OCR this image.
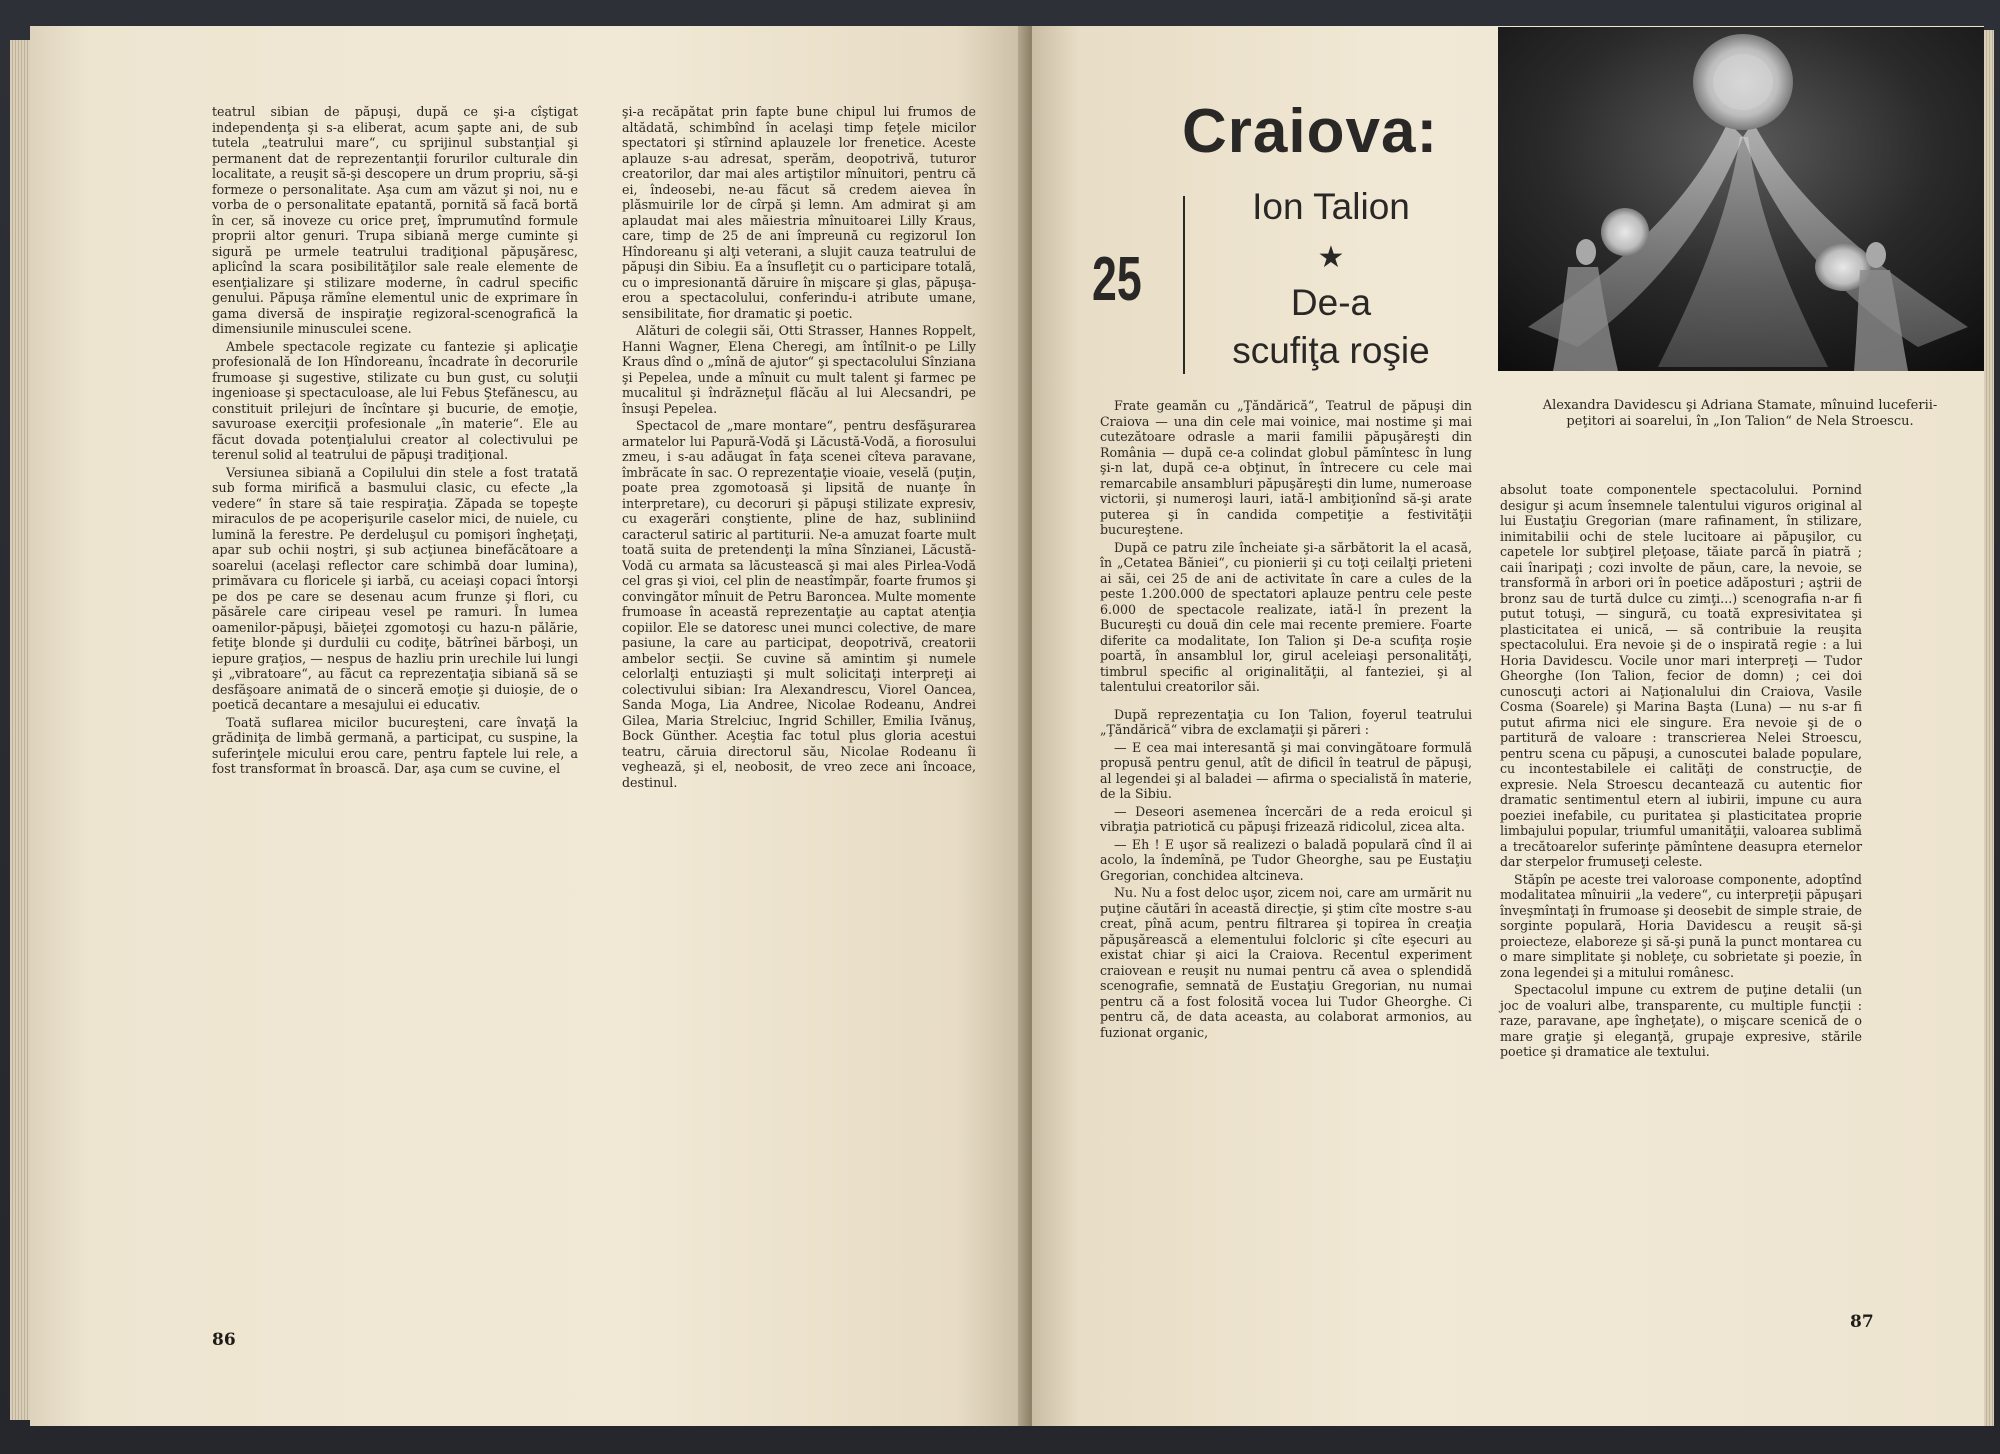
teatrul sibian de păpuşi, după ce şi-a cîştigat independenţa şi s-a eliberat, acum şapte ani, de sub tutela „teatrului mare“, cu sprijinul substanţial şi permanent dat de reprezentanţii forurilor culturale din localitate, a reuşit să-şi descopere un drum propriu, să-şi formeze o personalitate. Aşa cum am văzut şi noi, nu e vorba de o personalitate epatantă, pornită să facă bortă în cer, să inoveze cu orice preţ, împrumutînd formule proprii altor genuri. Trupa sibiană merge cuminte şi sigură pe urmele teatrului tradiţional păpuşăresc, aplicînd la scara posibilităţilor sale reale elemente de esenţializare şi stilizare moderne, în cadrul specific genului. Păpuşa rămîne elementul unic de exprimare în gama diversă de inspiraţie regizoral-scenografică la dimensiunile minusculei scene.

Ambele spectacole regizate cu fantezie şi aplicaţie profesională de Ion Hîndoreanu, încadrate în decorurile frumoase şi sugestive, stilizate cu bun gust, cu soluţii ingenioase şi spectaculoase, ale lui Febus Ştefănescu, au constituit prilejuri de încîntare şi bucurie, de emoţie, savuroase exerciţii profesionale „în materie“. Ele au făcut dovada potenţialului creator al colectivului pe terenul solid al teatrului de păpuşi tradiţional.

Versiunea sibiană a Copilului din stele a fost tratată sub forma mirifică a basmului clasic, cu efecte „la vedere“ în stare să taie respiraţia. Zăpada se topeşte miraculos de pe acoperişurile caselor mici, de nuiele, cu lumină la ferestre. Pe derdeluşul cu pomişori îngheţaţi, apar sub ochii noştri, şi sub acţiunea binefăcătoare a soarelui (acelaşi reflector care schimbă doar lumina), primăvara cu floricele şi iarbă, cu aceiaşi copaci întorşi pe dos pe care se desenau acum frunze şi flori, cu păsărele care ciripeau vesel pe ramuri. În lumea oamenilor-păpuşi, băieţei zgomotoşi cu hazu-n pălărie, fetiţe blonde şi durdulii cu codiţe, bătrînei bărboşi, un iepure graţios, — nespus de hazliu prin urechile lui lungi şi „vibratoare“, au făcut ca reprezentaţia sibiană să se desfăşoare animată de o sinceră emoţie şi duioşie, de o poetică decantare a mesajului ei educativ.

Toată suflarea micilor bucureşteni, care învaţă la grădiniţa de limbă germană, a participat, cu suspine, la suferinţele micului erou care, pentru faptele lui rele, a fost transformat în broască. Dar, aşa cum se cuvine, el

şi-a recăpătat prin fapte bune chipul lui frumos de altădată, schimbînd în acelaşi timp feţele micilor spectatori şi stîrnind aplauzele lor frenetice. Aceste aplauze s-au adresat, sperăm, deopotrivă, tuturor creatorilor, dar mai ales artiştilor mînuitori, pentru că ei, îndeosebi, ne-au făcut să credem aievea în plăsmuirile lor de cîrpă şi lemn. Am admirat şi am aplaudat mai ales măiestria mînuitoarei Lilly Kraus, care, timp de 25 de ani împreună cu regizorul Ion Hîndoreanu şi alţi veterani, a slujit cauza teatrului de păpuşi din Sibiu. Ea a însufleţit cu o participare totală, cu o impresionantă dăruire în mişcare şi glas, păpuşa-erou a spectacolului, conferindu-i atribute umane, sensibilitate, fior dramatic şi poetic.

Alături de colegii săi, Otti Strasser, Hannes Roppelt, Hanni Wagner, Elena Cheregi, am întîlnit-o pe Lilly Kraus dînd o „mînă de ajutor“ şi spectacolului Sînziana şi Pepelea, unde a mînuit cu mult talent şi farmec pe mucalitul şi îndrăzneţul flăcău al lui Alecsandri, pe însuşi Pepelea.

Spectacol de „mare montare“, pentru desfăşurarea armatelor lui Papură-Vodă şi Lăcustă-Vodă, a fiorosului zmeu, i s-au adăugat în faţa scenei cîteva paravane, îmbrăcate în sac. O reprezentaţie vioaie, veselă (puţin, poate prea zgomotoasă şi lipsită de nuanţe în interpretare), cu decoruri şi păpuşi stilizate expresiv, cu exagerări conştiente, pline de haz, subliniind caracterul satiric al partiturii. Ne-a amuzat foarte mult toată suita de pretendenţi la mîna Sînzianei, Lăcustă-Vodă cu armata sa lăcustească şi mai ales Pirlea-Vodă cel gras şi vioi, cel plin de neastîmpăr, foarte frumos şi convingător mînuit de Petru Baroncea. Multe momente frumoase în această reprezentaţie au captat atenţia copiilor. Ele se datoresc unei munci colective, de mare pasiune, la care au participat, deopotrivă, creatorii ambelor secţii. Se cuvine să amintim şi numele celorlalţi entuziaşti şi mult solicitaţi interpreţi ai colectivului sibian: Ira Alexandrescu, Viorel Oancea, Sanda Moga, Lia Andree, Nicolae Rodeanu, Andrei Gilea, Maria Strelciuc, Ingrid Schiller, Emilia Ivănuş, Bock Günther. Aceştia fac totul plus gloria acestui teatru, căruia directorul său, Nicolae Rodeanu îi veghează, şi el, neobosit, de vreo zece ani încoace, destinul.

86
Craiova:
25
Ion Talion
★
De-a
scufiţa roşie
Alexandra Davidescu şi Adriana Stamate, mînuind luceferii-peţitori ai soarelui, în „Ion Talion“ de Nela Stroescu.

Frate geamăn cu „Ţăndărică“, Teatrul de păpuşi din Craiova — una din cele mai voinice, mai nostime şi mai cutezătoare odrasle a marii familii păpuşăreşti din România — după ce-a colindat globul pămîntesc în lung şi-n lat, după ce-a obţinut, în întrecere cu cele mai remarcabile ansambluri păpuşăreşti din lume, numeroase victorii, şi numeroşi lauri, iată-l ambiţionînd să-şi arate puterea şi în candida competiţie a festivităţii bucureştene.

După ce patru zile încheiate şi-a sărbătorit la el acasă, în „Cetatea Băniei“, cu pionierii şi cu toţi ceilalţi prieteni ai săi, cei 25 de ani de activitate în care a cules de la peste 1.200.000 de spectatori aplauze pentru cele peste 6.000 de spectacole realizate, iată-l în prezent la Bucureşti cu două din cele mai recente premiere. Foarte diferite ca modalitate, Ion Talion şi De-a scufiţa roşie poartă, în ansamblul lor, girul aceleiaşi personalităţi, timbrul specific al originalităţii, al fanteziei, şi al talentului creatorilor săi.

După reprezentaţia cu Ion Talion, foyerul teatrului „Ţăndărică“ vibra de exclamaţii şi păreri :

— E cea mai interesantă şi mai convingătoare formulă propusă pentru genul, atît de dificil în teatrul de păpuşi, al legendei şi al baladei — afirma o specialistă în materie, de la Sibiu.

— Deseori asemenea încercări de a reda eroicul şi vibraţia patriotică cu păpuşi frizează ridicolul, zicea alta.

— Eh ! E uşor să realizezi o baladă populară cînd îl ai acolo, la îndemînă, pe Tudor Gheorghe, sau pe Eustaţiu Gregorian, conchidea altcineva.

Nu. Nu a fost deloc uşor, zicem noi, care am urmărit nu puţine căutări în această direcţie, şi ştim cîte mostre s-au creat, pînă acum, pentru filtrarea şi topirea în creaţia păpuşărească a elementului folcloric şi cîte eşecuri au existat chiar şi aici la Craiova. Recentul experiment craiovean e reuşit nu numai pentru că avea o splendidă scenografie, semnată de Eustaţiu Gregorian, nu numai pentru că a fost folosită vocea lui Tudor Gheorghe. Ci pentru că, de data aceasta, au colaborat armonios, au fuzionat organic,

absolut toate componentele spectacolului. Pornind desigur şi acum însemnele talentului viguros original al lui Eustaţiu Gregorian (mare rafinament, în stilizare, inimitabilii ochi de stele lucitoare ai păpuşilor, cu capetele lor subţirel pleţoase, tăiate parcă în piatră ; caii înaripaţi ; cozi involte de păun, care, la nevoie, se transformă în arbori ori în poetice adăposturi ; aştrii de bronz sau de turtă dulce cu zimţi...) scenografia n-ar fi putut totuşi, — singură, cu toată expresivitatea şi plasticitatea ei unică, — să contribuie la reuşita spectacolului. Era nevoie şi de o inspirată regie : a lui Horia Davidescu. Vocile unor mari interpreţi — Tudor Gheorghe (Ion Talion, fecior de domn) ; cei doi cunoscuţi actori ai Naţionalului din Craiova, Vasile Cosma (Soarele) şi Marina Başta (Luna) — nu s-ar fi putut afirma nici ele singure. Era nevoie şi de o partitură de valoare : transcrierea Nelei Stroescu, pentru scena cu păpuşi, a cunoscutei balade populare, cu incontestabilele ei calităţi de construcţie, de expresie. Nela Stroescu decantează cu autentic fior dramatic sentimentul etern al iubirii, impune cu aura poeziei inefabile, cu puritatea şi plasticitatea proprie limbajului popular, triumful umanităţii, valoarea sublimă a trecătoarelor suferinţe pămîntene deasupra eternelor dar sterpelor frumuseţi celeste.

Stăpîn pe aceste trei valoroase componente, adoptînd modalitatea mînuirii „la vedere“, cu interpreţii păpuşari înveşmîntaţi în frumoase şi deosebit de simple straie, de sorginte populară, Horia Davidescu a reuşit să-şi proiecteze, elaboreze şi să-şi pună la punct montarea cu o mare simplitate şi nobleţe, cu sobrietate şi poezie, în zona legendei şi a mitului românesc.

Spectacolul impune cu extrem de puţine detalii (un joc de voaluri albe, transparente, cu multiple funcţii : raze, paravane, ape îngheţate), o mişcare scenică de o mare graţie şi eleganţă, grupaje expresive, stările poetice şi dramatice ale textului.

87
